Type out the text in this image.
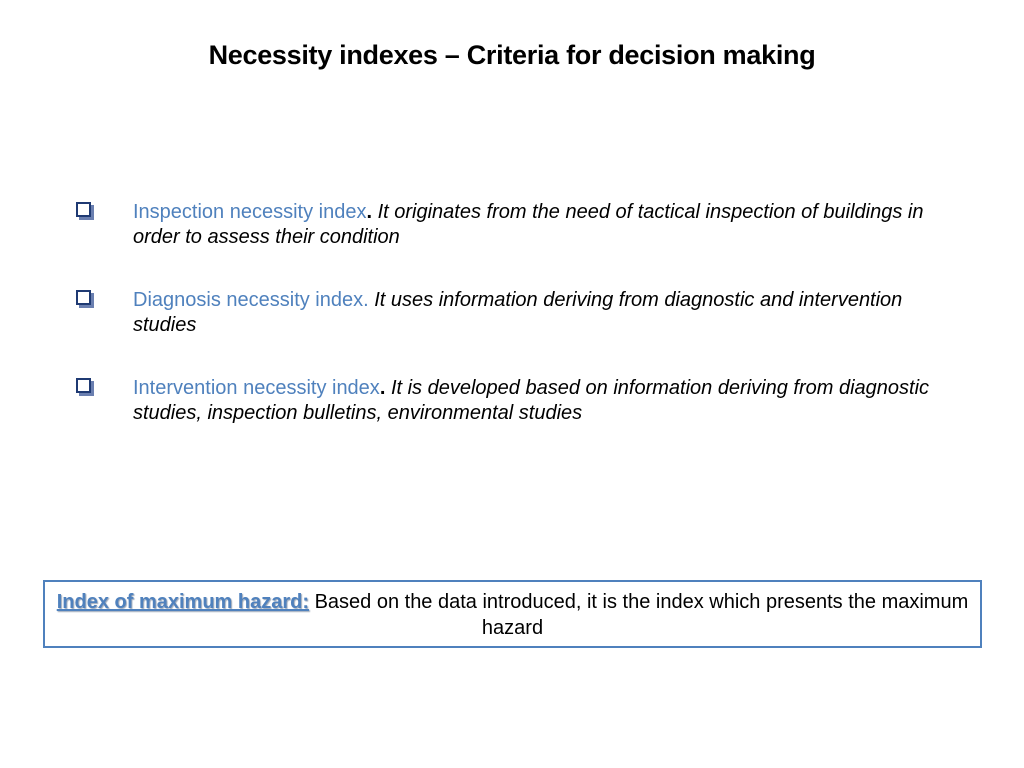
Necessity indexes – Criteria for decision making
Inspection necessity index. It originates from the need of tactical inspection of buildings in order to assess their condition
Diagnosis necessity index. It uses information deriving from diagnostic and intervention studies
Intervention necessity index. It is developed based on information deriving from diagnostic studies, inspection bulletins, environmental studies
Index of maximum hazard: Based on the data introduced, it is the index which presents the maximum hazard
